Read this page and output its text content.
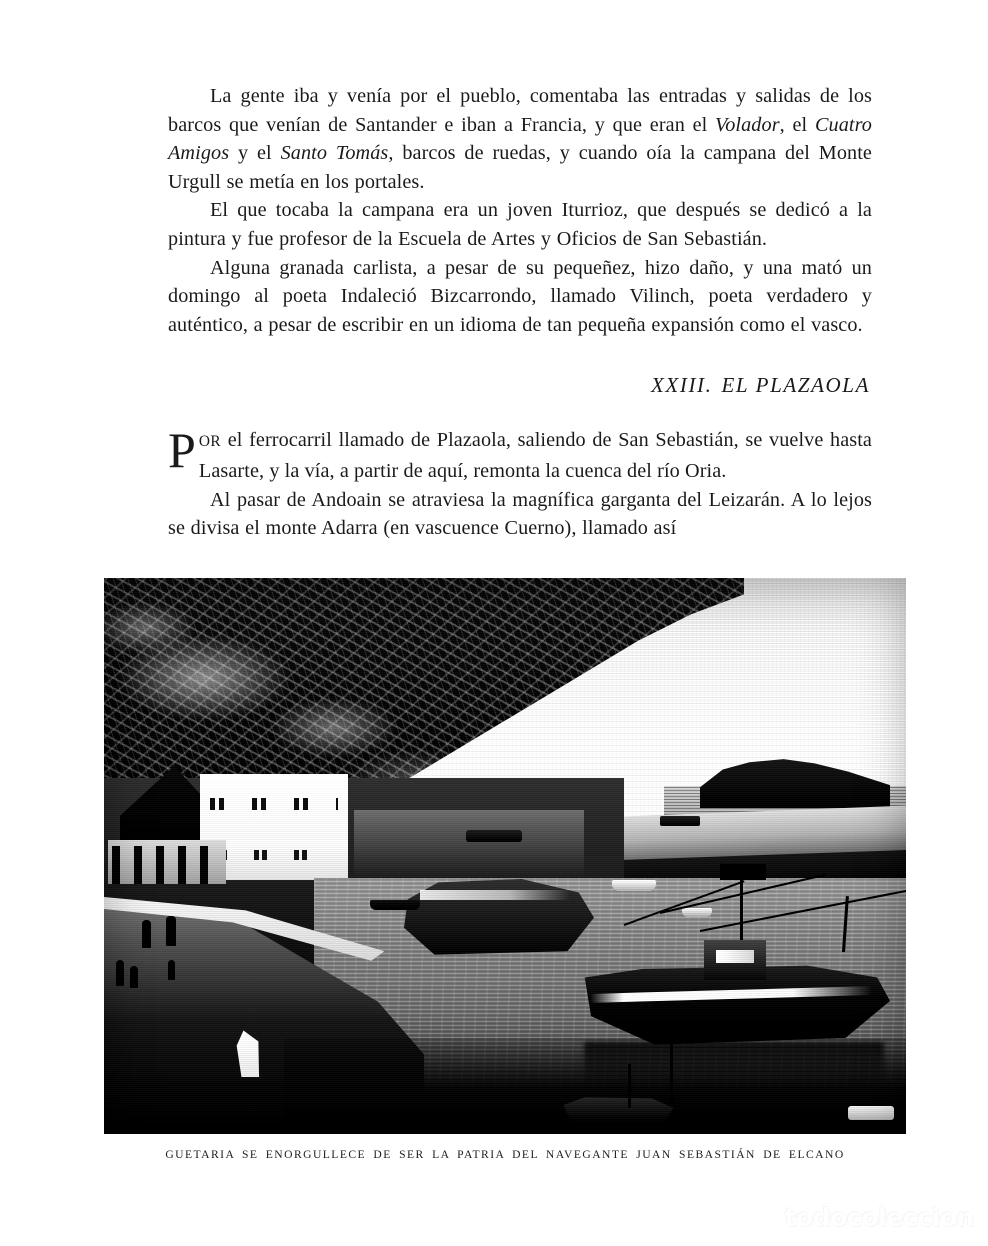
La gente iba y venía por el pueblo, comentaba las entradas y salidas de los barcos que venían de Santander e iban a Francia, y que eran el Volador, el Cuatro Amigos y el Santo Tomás, barcos de ruedas, y cuando oía la campana del Monte Urgull se metía en los portales.

El que tocaba la campana era un joven Iturrioz, que después se dedicó a la pintura y fue profesor de la Escuela de Artes y Oficios de San Sebastián.

Alguna granada carlista, a pesar de su pequeñez, hizo daño, y una mató un domingo al poeta Indaleció Bizcarrondo, llamado Vilinch, poeta verdadero y auténtico, a pesar de escribir en un idioma de tan pequeña expansión como el vasco.

XXIII. EL PLAZAOLA

POR el ferrocarril llamado de Plazaola, saliendo de San Sebastián, se vuelve hasta Lasarte, y la vía, a partir de aquí, remonta la cuenca del río Oria.

Al pasar de Andoain se atraviesa la magnífica garganta del Leizarán. A lo lejos se divisa el monte Adarra (en vascuence Cuerno), llamado así

GUETARIA SE ENORGULLECE DE SER LA PATRIA DEL NAVEGANTE JUAN SEBASTIÁN DE ELCANO
todocoleccion
